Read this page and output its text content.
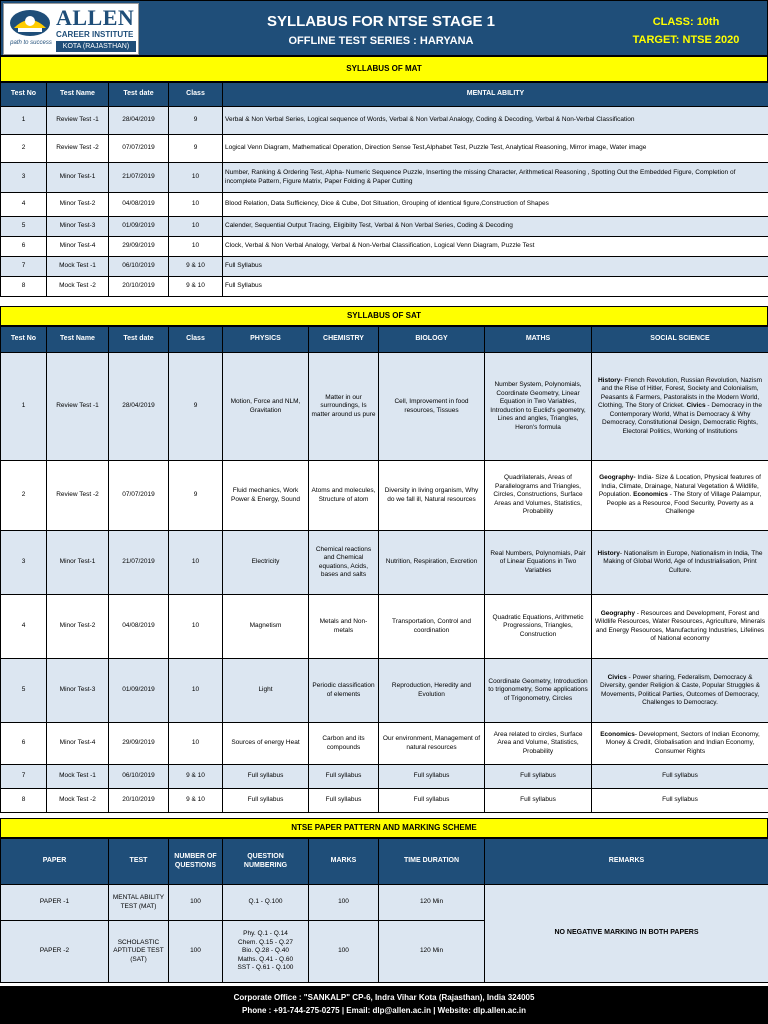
path to success
ALLEN
CAREER INSTITUTE
KOTA (RAJASTHAN)
SYLLABUS FOR NTSE STAGE 1
OFFLINE TEST SERIES : HARYANA
CLASS: 10th
TARGET: NTSE 2020
SYLLABUS OF MAT
Test No	Test Name	Test date	Class	MENTAL ABILITY
1	Review Test -1	28/04/2019	9	Verbal & Non Verbal Series, Logical sequence of Words, Verbal & Non Verbal Analogy, Coding & Decoding, Verbal & Non-Verbal Classification
2	Review Test -2	07/07/2019	9	Logical Venn Diagram, Mathematical Operation, Direction Sense Test,Alphabet Test, Puzzle Test, Analytical Reasoning, Mirror image, Water image
3	Minor Test-1	21/07/2019	10	Number, Ranking & Ordering Test, Alpha- Numeric Sequence Puzzle, Inserting the missing Character, Arithmetical Reasoning , Spotting Out the Embedded Figure, Completion of incomplete Pattern, Figure Matrix, Paper Folding & Paper Cutting
4	Minor Test-2	04/08/2019	10	Blood Relation, Data Sufficiency, Dice & Cube, Dot Situation, Grouping of identical figure,Construction of Shapes
5	Minor Test-3	01/09/2019	10	Calender, Sequential Output Tracing, Eligibilty Test, Verbal & Non Verbal Series, Coding & Decoding
6	Minor Test-4	29/09/2019	10	Clock, Verbal & Non Verbal Analogy, Verbal & Non-Verbal Classification, Logical Venn Diagram, Puzzle Test
7	Mock Test -1	06/10/2019	9 & 10	Full Syllabus
8	Mock Test -2	20/10/2019	9 & 10	Full Syllabus
SYLLABUS OF SAT
Test No	Test Name	Test date	Class	PHYSICS	CHEMISTRY	BIOLOGY	MATHS	SOCIAL SCIENCE
1	Review Test -1	28/04/2019	9	Motion, Force and NLM, Gravitation	Matter in our surroundings, Is matter around us pure	Cell, Improvement in food resources, Tissues	Number System, Polynomials, Coordinate Geometry, Linear Equation in Two Variables, Introduction to Euclid's geometry, Lines and angles, Triangles, Heron's formula	History- French Revolution, Russian Revolution, Nazism and the Rise of Hitler, Forest, Society and Colonialism, Peasants & Farmers, Pastoralists in the Modern World, Clothing, The Story of Cricket. Civics - Democracy in the Contemporary World, What is Democracy & Why Democracy, Constitutional Design, Democratic Rights, Electoral Politics, Working of Institutions
2	Review Test -2	07/07/2019	9	Fluid mechanics, Work Power & Energy, Sound	Atoms and molecules, Structure of atom	Diversity in living organism, Why do we fall ill, Natural resources	Quadrilaterals, Areas of Parallelograms and Triangles, Circles, Constructions, Surface Areas and Volumes, Statistics, Probability	Geography- India- Size & Location, Physical features of India, Climate, Drainage, Natural Vegetation & Wildlife, Population. Economics - The Story of Village Palampur, People as a Resource, Food Security, Poverty as a Challenge
3	Minor Test-1	21/07/2019	10	Electricity	Chemical reactions and Chemical equations, Acids, bases and salts	Nutrition, Respiration, Excretion	Real Numbers, Polynomials, Pair of Linear Equations in Two Variables	History- Nationalism in Europe, Nationalism in India, The Making of Global World, Age of Industrialisation, Print Culture.
4	Minor Test-2	04/08/2019	10	Magnetism	Metals and Non-metals	Transportation, Control and coordination	Quadratic Equations, Arithmetic Progressions, Triangles, Construction	Geography - Resources and Development, Forest and Wildlife Resources, Water Resources, Agriculture, Minerals and Energy Resources, Manufacturing Industries, Lifelines of National economy
5	Minor Test-3	01/09/2019	10	Light	Periodic classification of elements	Reproduction, Heredity and Evolution	Coordinate Geometry, Introduction to trigonometry, Some applications of Trigonometry, Circles	Civics - Power sharing, Federalism, Democracy & Diversity, gender Religion & Caste, Popular Struggles & Movements, Political Parties, Outcomes of Democracy, Challenges to Democracy.
6	Minor Test-4	29/09/2019	10	Sources of energy Heat	Carbon and its compounds	Our environment, Management of natural resources	Area related to circles, Surface Area and Volume, Statistics, Probability	Economics- Development, Sectors of Indian Economy, Money & Credit, Globalisation and Indian Economy, Consumer Rights
7	Mock Test -1	06/10/2019	9 & 10	Full syllabus	Full syllabus	Full syllabus	Full syllabus	Full syllabus
8	Mock Test -2	20/10/2019	9 & 10	Full syllabus	Full syllabus	Full syllabus	Full syllabus	Full syllabus
NTSE PAPER PATTERN AND MARKING SCHEME
PAPER	TEST	NUMBER OF QUESTIONS	QUESTION NUMBERING	MARKS	TIME DURATION	REMARKS
PAPER -1	MENTAL ABILITY TEST (MAT)	100	Q.1 - Q.100	100	120 Min	NO NEGATIVE MARKING IN BOTH PAPERS
PAPER -2	SCHOLASTIC APTITUDE TEST (SAT)	100	Phy. Q.1 - Q.14
Chem. Q.15 - Q.27
Bio. Q.28 - Q.40
Maths. Q.41 - Q.60
SST - Q.61 - Q.100	100	120 Min	
Corporate Office : "SANKALP" CP-6, Indra Vihar Kota (Rajasthan), India 324005
Phone : +91-744-275-0275 | Email: dlp@allen.ac.in | Website: dlp.allen.ac.in
